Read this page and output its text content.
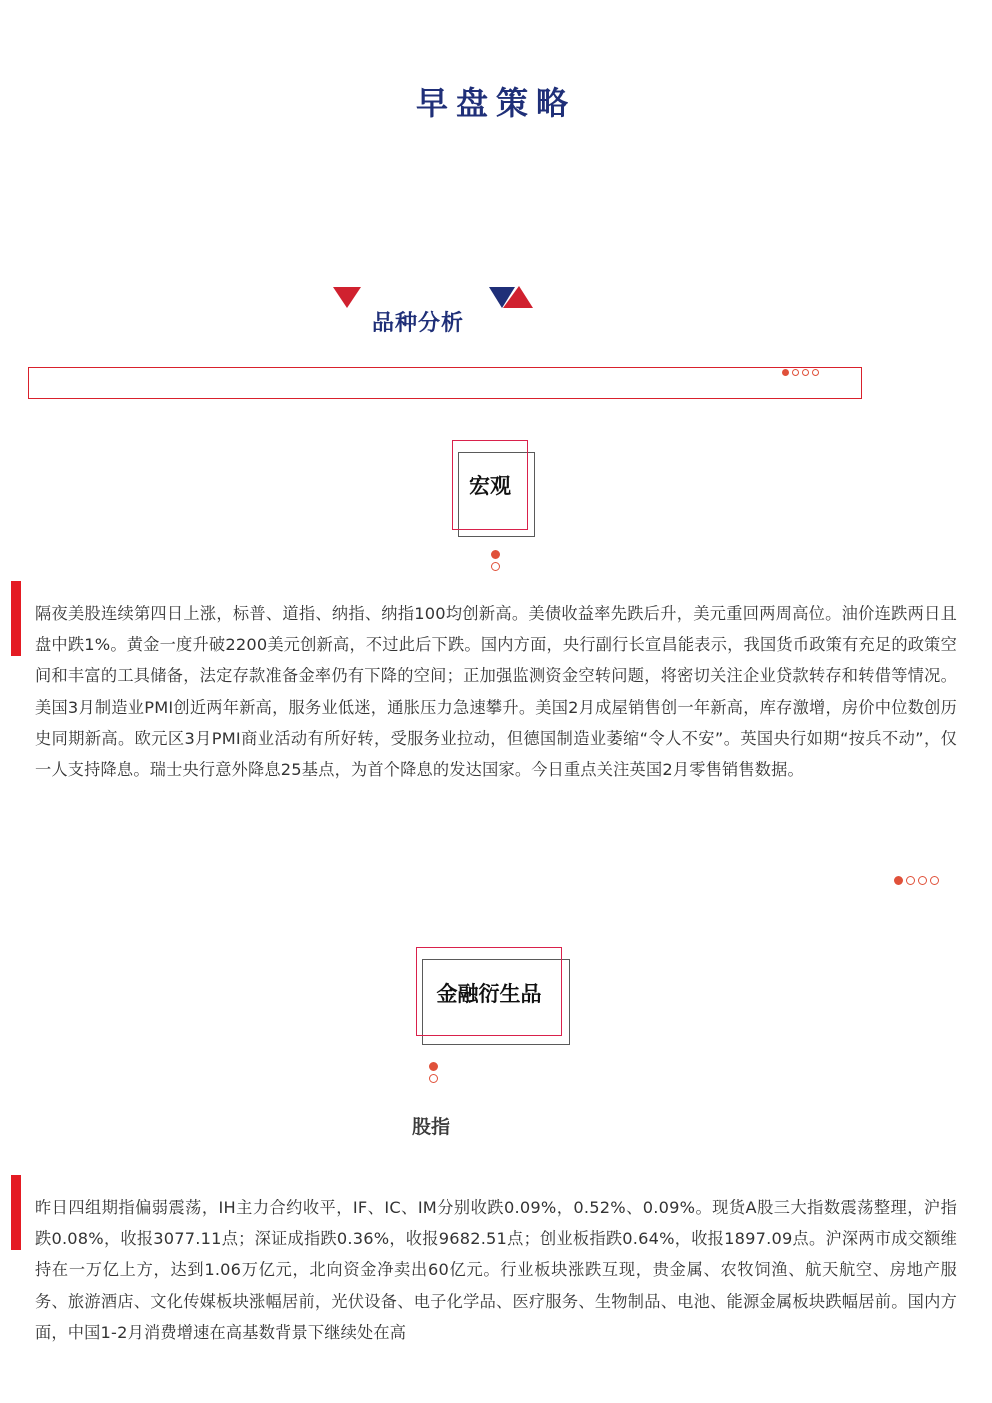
早盘策略
品种分析
宏观
隔夜美股连续第四日上涨，标普、道指、纳指、纳指100均创新高。美债收益率先跌后升，美元重回两周高位。油价连跌两日且盘中跌1%。黄金一度升破2200美元创新高，不过此后下跌。国内方面，央行副行长宣昌能表示，我国货币政策有充足的政策空间和丰富的工具储备，法定存款准备金率仍有下降的空间；正加强监测资金空转问题，将密切关注企业贷款转存和转借等情况。美国3月制造业PMI创近两年新高，服务业低迷，通胀压力急速攀升。美国2月成屋销售创一年新高，库存激增，房价中位数创历史同期新高。欧元区3月PMI商业活动有所好转，受服务业拉动，但德国制造业萎缩“令人不安”。英国央行如期“按兵不动”，仅一人支持降息。瑞士央行意外降息25基点，为首个降息的发达国家。今日重点关注英国2月零售销售数据。
金融衍生品
股指
昨日四组期指偏弱震荡，IH主力合约收平，IF、IC、IM分别收跌0.09%，0.52%、0.09%。现货A股三大指数震荡整理，沪指跌0.08%，收报3077.11点；深证成指跌0.36%，收报9682.51点；创业板指跌0.64%，收报1897.09点。沪深两市成交额维持在一万亿上方，达到1.06万亿元，北向资金净卖出60亿元。行业板块涨跌互现，贵金属、农牧饲渔、航天航空、房地产服务、旅游酒店、文化传媒板块涨幅居前，光伏设备、电子化学品、医疗服务、生物制品、电池、能源金属板块跌幅居前。国内方面，中国1-2月消费增速在高基数背景下继续处在高
